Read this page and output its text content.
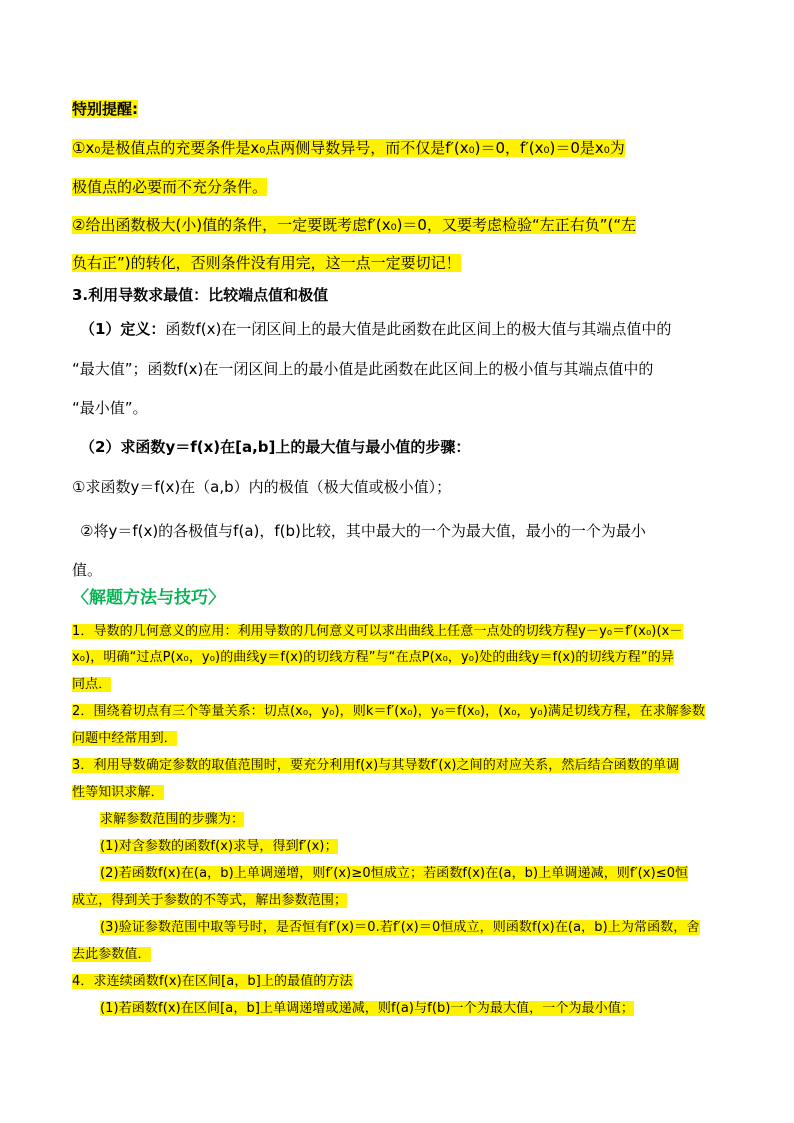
特别提醒:
①x₀是极值点的充要条件是x₀点两侧导数异号，而不仅是f′(x₀)＝0，f′(x₀)＝0是x₀为
极值点的必要而不充分条件。
②给出函数极大(小)值的条件，一定要既考虑f′(x₀)＝0，又要考虑检验“左正右负”(“左
负右正”)的转化，否则条件没有用完，这一点一定要切记！
3.利用导数求最值：比较端点值和极值
（1）定义：函数f(x)在一闭区间上的最大值是此函数在此区间上的极大值与其端点值中的
“最大值”；函数f(x)在一闭区间上的最小值是此函数在此区间上的极小值与其端点值中的
“最小值”。
（2）求函数y＝f(x)在[a,b]上的最大值与最小值的步骤：
①求函数y＝f(x)在（a,b）内的极值（极大值或极小值）；
②将y＝f(x)的各极值与f(a)，f(b)比较，其中最大的一个为最大值，最小的一个为最小
值。
〈解题方法与技巧〉
1．导数的几何意义的应用：利用导数的几何意义可以求出曲线上任意一点处的切线方程y－y₀＝f′(x₀)(x－
x₀)，明确“过点P(x₀，y₀)的曲线y＝f(x)的切线方程”与“在点P(x₀，y₀)处的曲线y＝f(x)的切线方程”的异
同点．
2．围绕着切点有三个等量关系：切点(x₀，y₀)，则k＝f′(x₀)，y₀＝f(x₀)，(x₀，y₀)满足切线方程，在求解参数
问题中经常用到．
3．利用导数确定参数的取值范围时，要充分利用f(x)与其导数f′(x)之间的对应关系，然后结合函数的单调
性等知识求解．
求解参数范围的步骤为：
(1)对含参数的函数f(x)求导，得到f′(x)；
(2)若函数f(x)在(a，b)上单调递增，则f′(x)≥0恒成立；若函数f(x)在(a，b)上单调递减，则f′(x)≤0恒
成立，得到关于参数的不等式，解出参数范围；
(3)验证参数范围中取等号时，是否恒有f′(x)＝0.若f′(x)＝0恒成立，则函数f(x)在(a，b)上为常函数，舍
去此参数值．
4．求连续函数f(x)在区间[a，b]上的最值的方法
(1)若函数f(x)在区间[a，b]上单调递增或递减，则f(a)与f(b)一个为最大值，一个为最小值；
